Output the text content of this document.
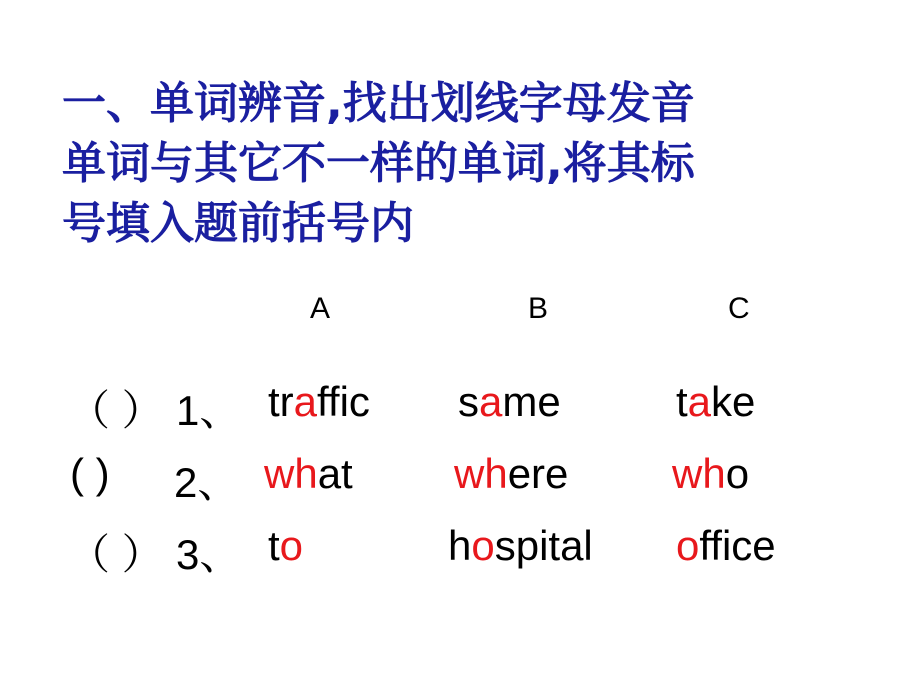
一、单词辨音,找出划线字母发音
单词与其它不一样的单词,将其标
号填入题前括号内
A	B	C
（ ） 1、 traffic same	take
( ) 2、 what where who
（ ） 3、 to	hospital office
